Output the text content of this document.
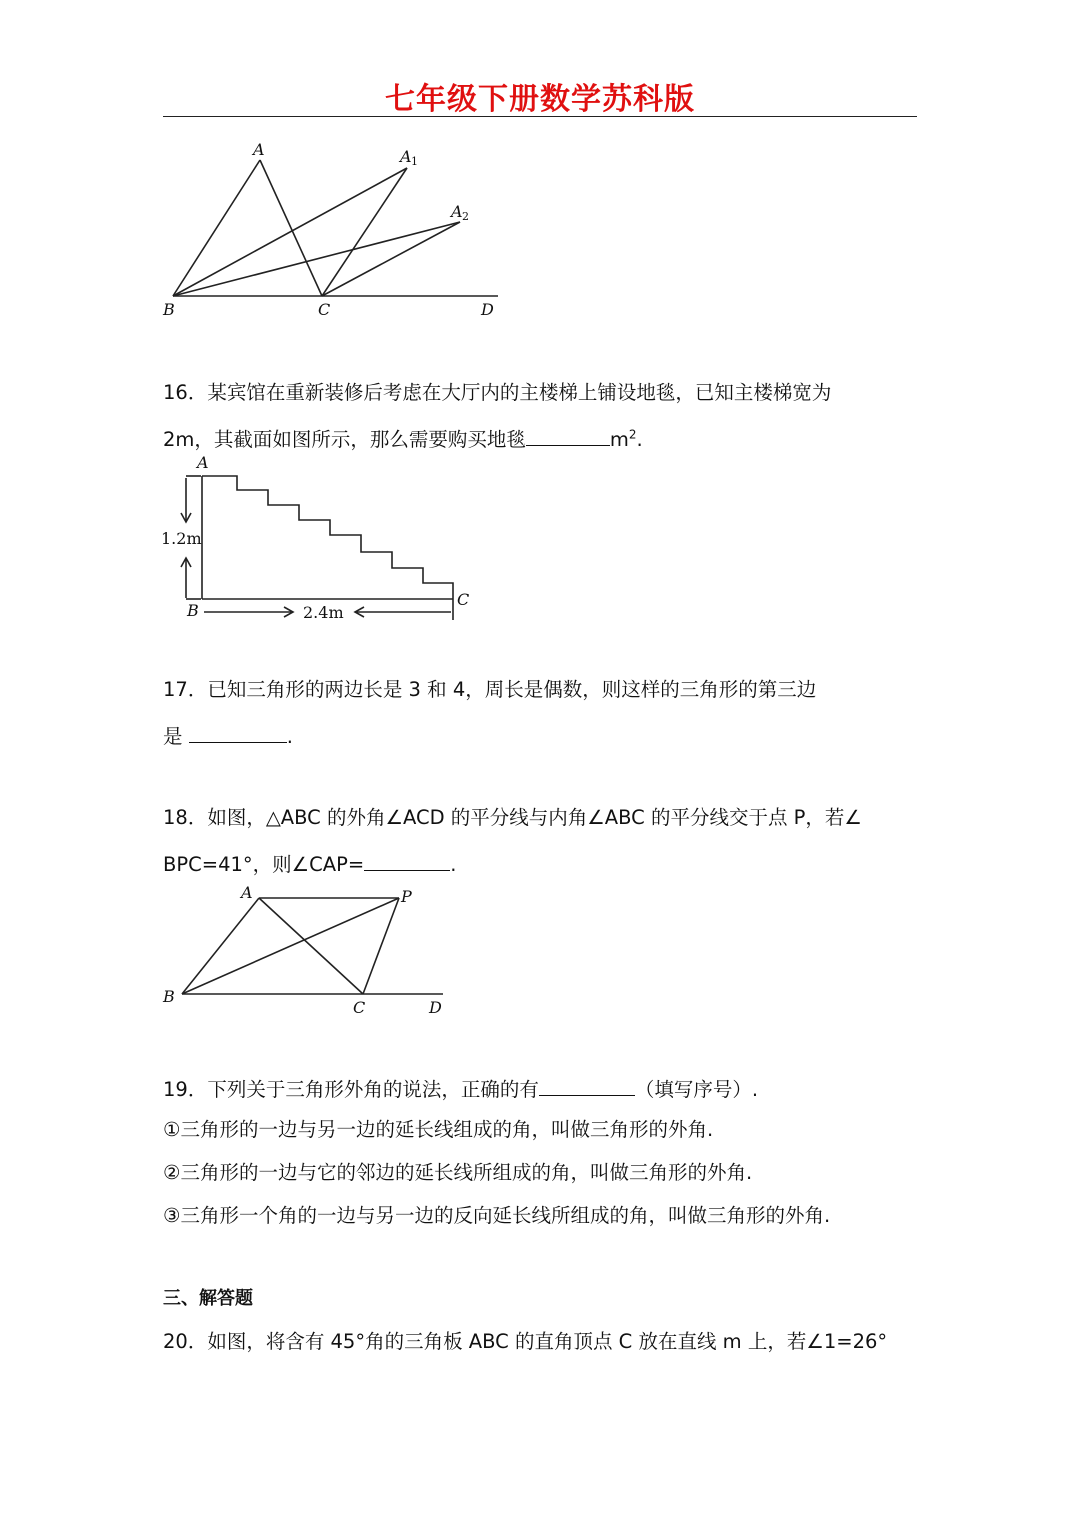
七年级下册数学苏科版
A	A 1
A 2
B	C	D
16．某宾馆在重新装修后考虑在大厅内的主楼梯上铺设地毯，已知主楼梯宽为
2m，其截面如图所示，那么需要购买地毯	$m^2$.
A
B
C
1.2m
2.4m
17．已知三角形的两边长是 3 和 4，周长是偶数，则这样的三角形的第三边
是	.
18．如图，△ABC 的外角∠ACD 的平分线与内角∠ABC 的平分线交于点 P，若∠
BPC=41°，则∠CAP=	.
A	P
B
C	D
19．下列关于三角形外角的说法，正确的有	（填写序号）.
①三角形的一边与另一边的延长线组成的角，叫做三角形的外角.
②三角形的一边与它的邻边的延长线所组成的角，叫做三角形的外角.
③三角形一个角的一边与另一边的反向延长线所组成的角，叫做三角形的外角.
三、解答题
20．如图，将含有 45°角的三角板 ABC 的直角顶点 C 放在直线 m 上，若∠1=26°
